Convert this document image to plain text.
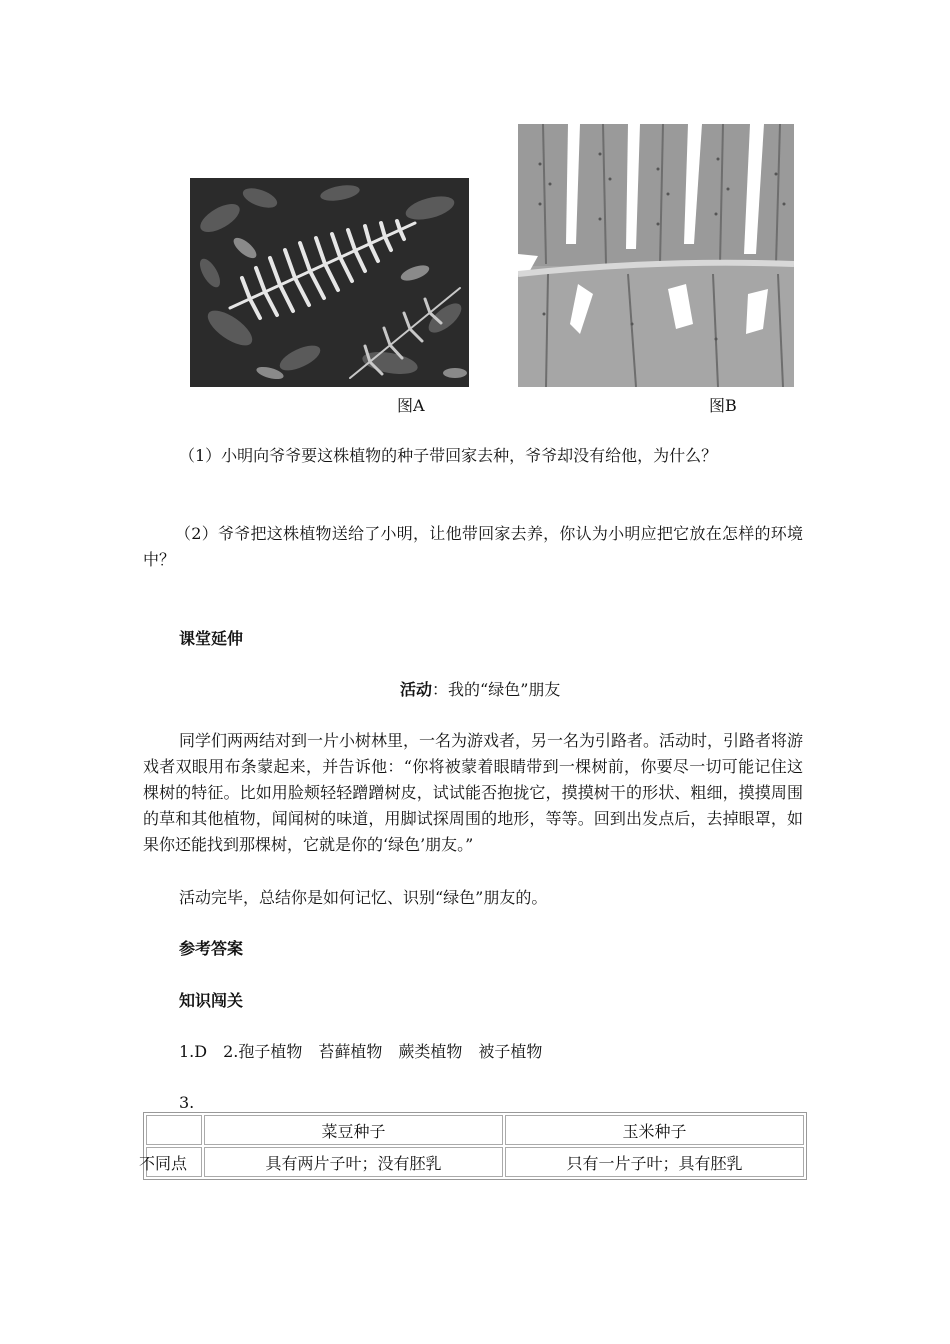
图A	图B
（1）小明向爷爷要这株植物的种子带回家去种，爷爷却没有给他，为什么？
（2）爷爷把这株植物送给了小明，让他带回家去养，你认为小明应把它放在怎样的环境中？
课堂延伸
活动：我的“绿色”朋友
同学们两两结对到一片小树林里，一名为游戏者，另一名为引路者。活动时，引路者将游戏者双眼用布条蒙起来，并告诉他：“你将被蒙着眼睛带到一棵树前，你要尽一切可能记住这棵树的特征。比如用脸颊轻轻蹭蹭树皮，试试能否抱拢它，摸摸树干的形状、粗细，摸摸周围的草和其他植物，闻闻树的味道，用脚试探周围的地形，等等。回到出发点后，去掉眼罩，如果你还能找到那棵树，它就是你的‘绿色’朋友。”
活动完毕，总结你是如何记忆、识别“绿色”朋友的。
参考答案
知识闯关
1.D　2.孢子植物　苔藓植物　蕨类植物　被子植物
3.
	菜豆种子	玉米种子
不同点	具有两片子叶；没有胚乳	只有一片子叶；具有胚乳
